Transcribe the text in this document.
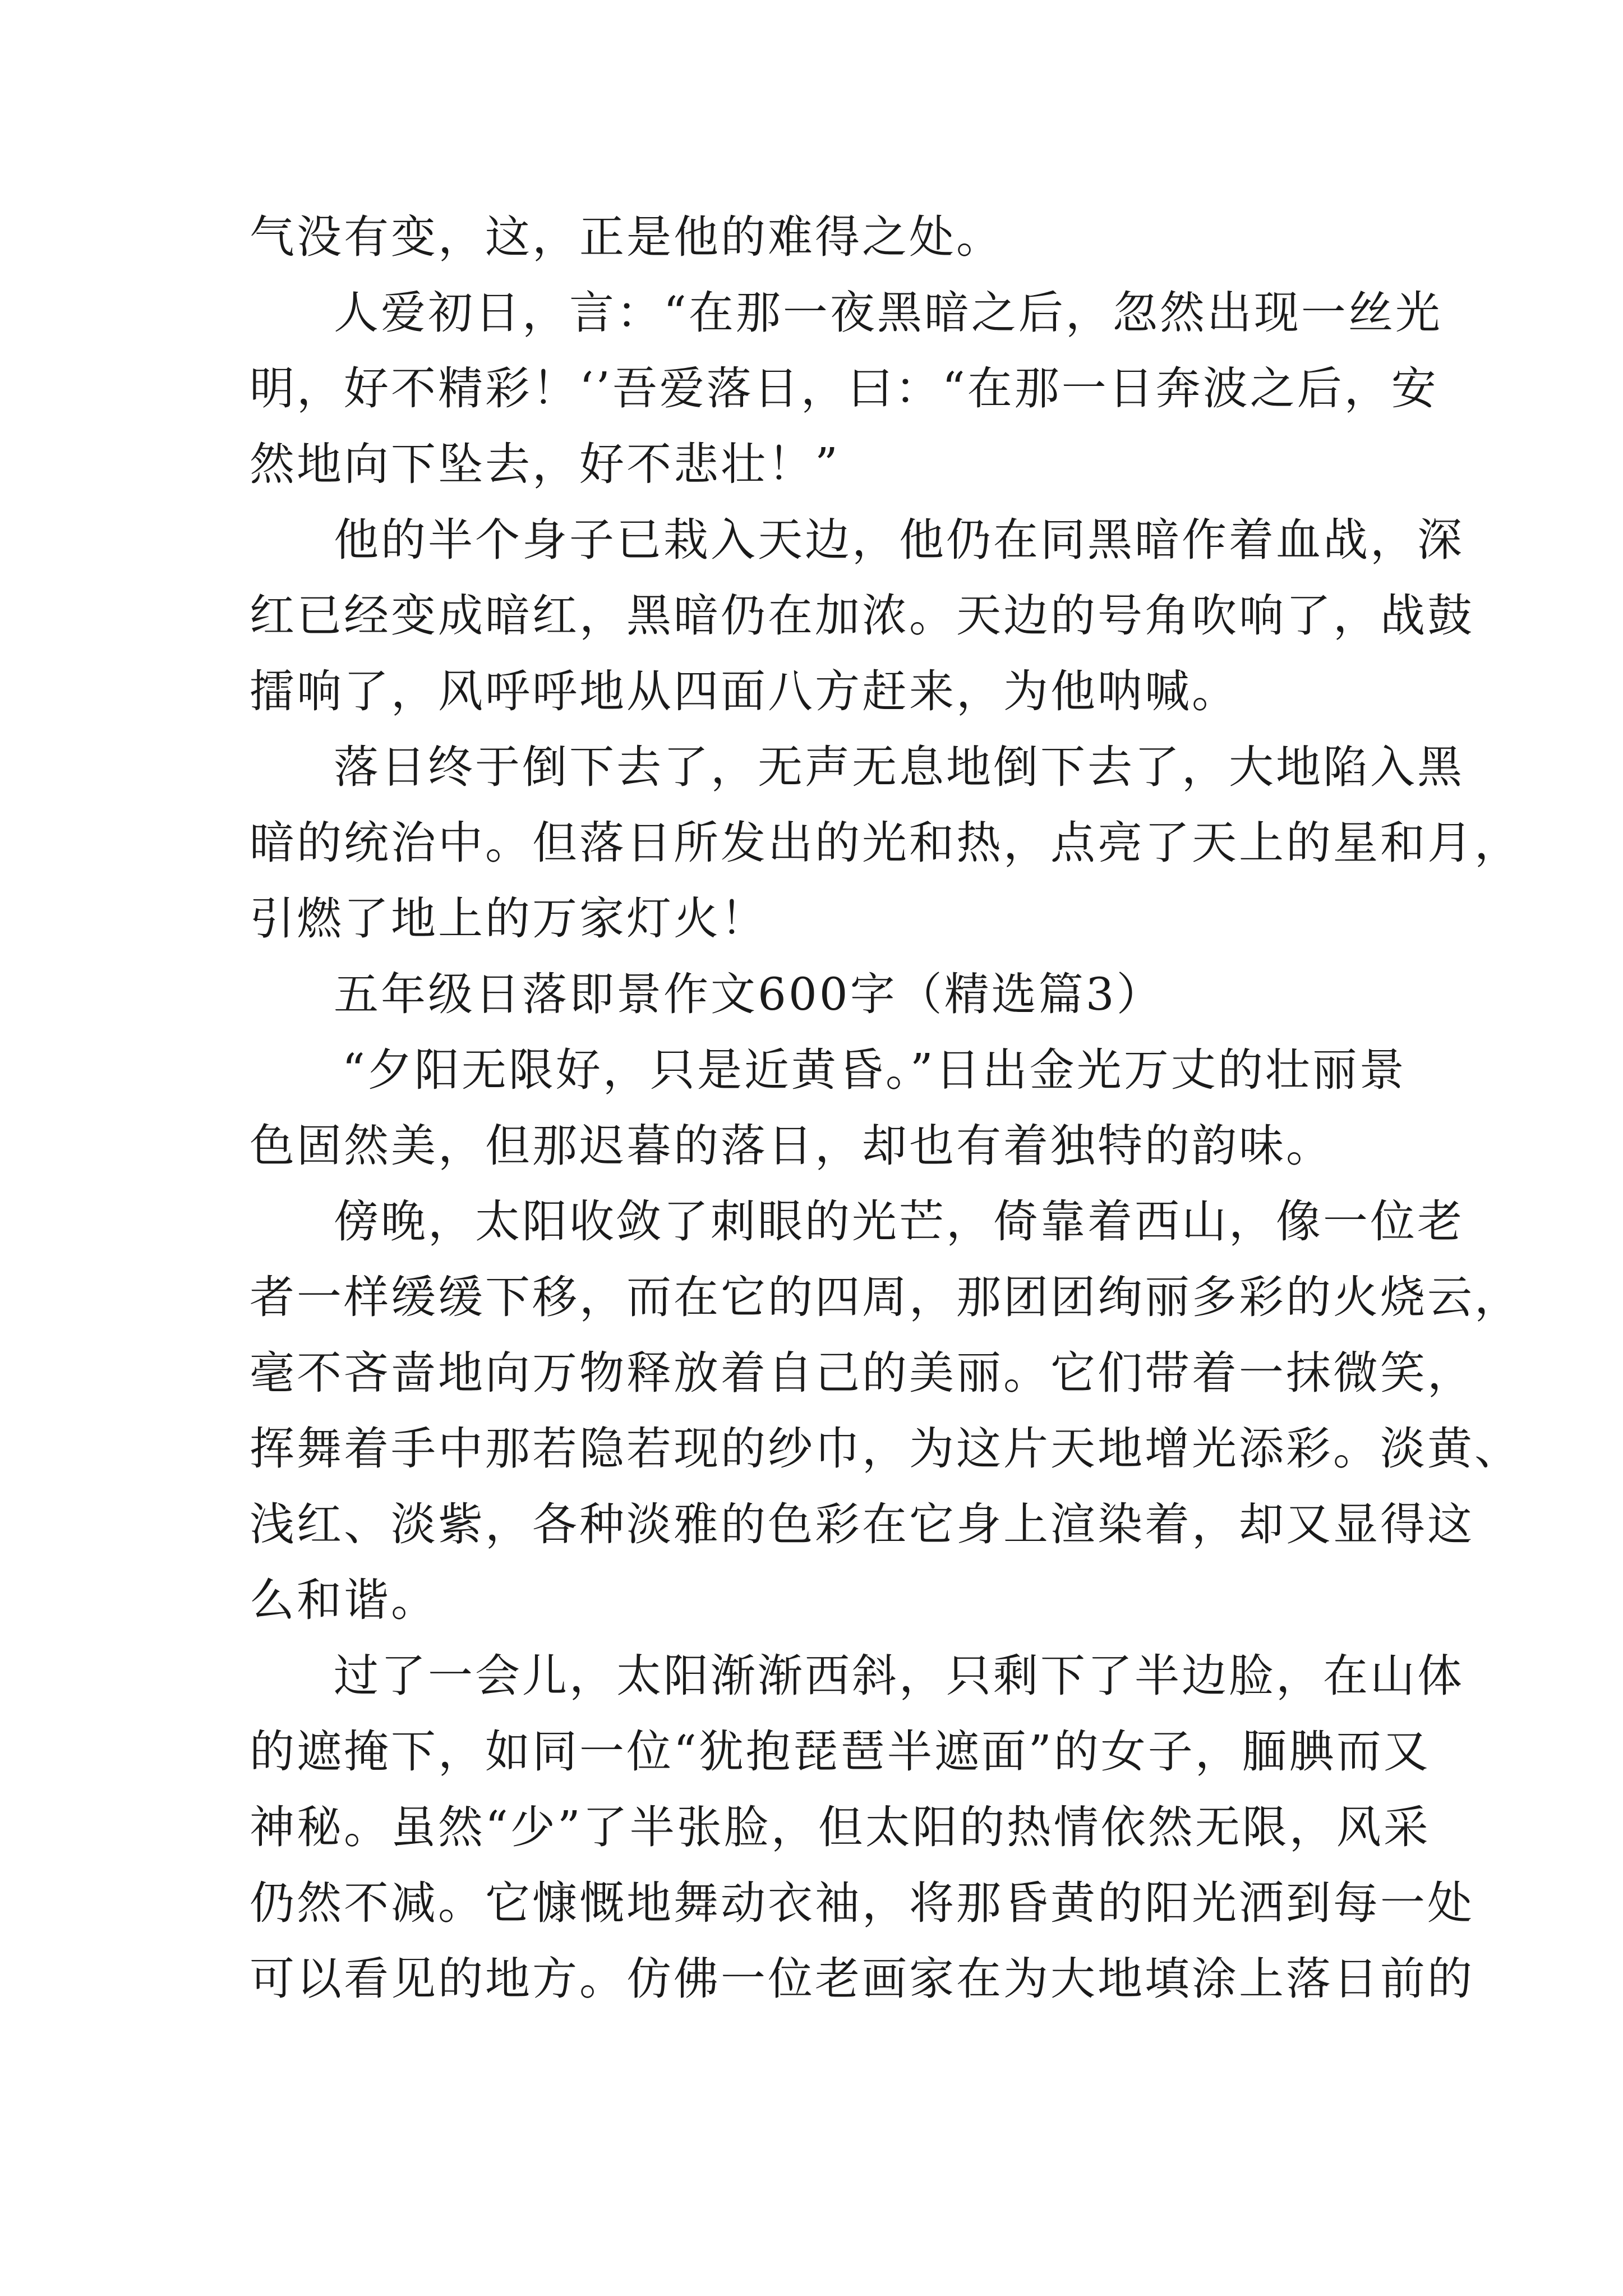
气没有变，这，正是他的难得之处。
人爱初日，言：“在那一夜黑暗之后，忽然出现一丝光
明，好不精彩！‘’吾爱落日，曰：“在那一日奔波之后，安
然地向下坠去，好不悲壮！”
他的半个身子已栽入天边，他仍在同黑暗作着血战，深
红已经变成暗红，黑暗仍在加浓。天边的号角吹响了，战鼓
擂响了，风呼呼地从四面八方赶来，为他呐喊。
落日终于倒下去了，无声无息地倒下去了，大地陷入黑
暗的统治中。但落日所发出的光和热，点亮了天上的星和月，
引燃了地上的万家灯火！
五年级日落即景作文600字（精选篇3）
“夕阳无限好，只是近黄昏。”日出金光万丈的壮丽景
色固然美，但那迟暮的落日，却也有着独特的韵味。
傍晚，太阳收敛了刺眼的光芒，倚靠着西山，像一位老
者一样缓缓下移，而在它的四周，那团团绚丽多彩的火烧云，
毫不吝啬地向万物释放着自己的美丽。它们带着一抹微笑，
挥舞着手中那若隐若现的纱巾，为这片天地增光添彩。淡黄、
浅红、淡紫，各种淡雅的色彩在它身上渲染着，却又显得这
么和谐。
过了一会儿，太阳渐渐西斜，只剩下了半边脸，在山体
的遮掩下，如同一位“犹抱琵琶半遮面”的女子，腼腆而又
神秘。虽然“少”了半张脸，但太阳的热情依然无限，风采
仍然不减。它慷慨地舞动衣袖，将那昏黄的阳光洒到每一处
可以看见的地方。仿佛一位老画家在为大地填涂上落日前的
